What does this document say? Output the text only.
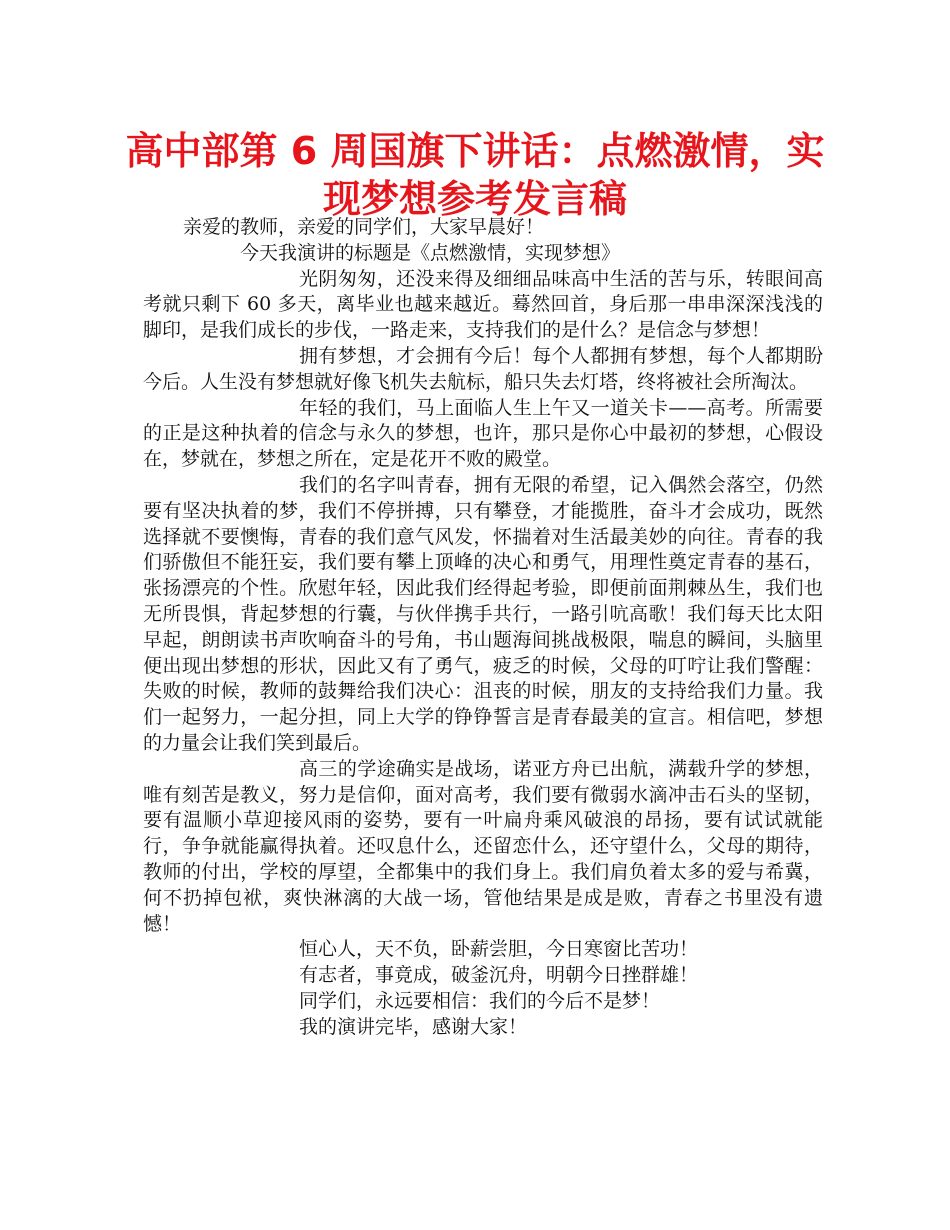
高中部第 6 周国旗下讲话：点燃激情，实
现梦想参考发言稿

亲爱的教师，亲爱的同学们，大家早晨好！

今天我演讲的标题是《点燃激情，实现梦想》

光阴匆匆，还没来得及细细品味高中生活的苦与乐，转眼间高考就只剩下 60 多天，离毕业也越来越近。蓦然回首，身后那一串串深深浅浅的脚印，是我们成长的步伐，一路走来，支持我们的是什么？是信念与梦想！

拥有梦想，才会拥有今后！每个人都拥有梦想，每个人都期盼今后。人生没有梦想就好像飞机失去航标，船只失去灯塔，终将被社会所淘汰。

年轻的我们，马上面临人生上午又一道关卡——高考。所需要的正是这种执着的信念与永久的梦想，也许，那只是你心中最初的梦想，心假设在，梦就在，梦想之所在，定是花开不败的殿堂。

我们的名字叫青春，拥有无限的希望，记入偶然会落空，仍然要有坚决执着的梦，我们不停拼搏，只有攀登，才能揽胜，奋斗才会成功，既然选择就不要懊悔，青春的我们意气风发，怀揣着对生活最美妙的向往。青春的我们骄傲但不能狂妄，我们要有攀上顶峰的决心和勇气，用理性奠定青春的基石，张扬漂亮的个性。欣慰年轻，因此我们经得起考验，即便前面荆棘丛生，我们也无所畏惧，背起梦想的行囊，与伙伴携手共行，一路引吭高歌！我们每天比太阳早起，朗朗读书声吹响奋斗的号角，书山题海间挑战极限，喘息的瞬间，头脑里便出现出梦想的形状，因此又有了勇气，疲乏的时候，父母的叮咛让我们警醒：失败的时候，教师的鼓舞给我们决心：沮丧的时候，朋友的支持给我们力量。我们一起努力，一起分担，同上大学的铮铮誓言是青春最美的宣言。相信吧，梦想的力量会让我们笑到最后。

高三的学途确实是战场，诺亚方舟已出航，满载升学的梦想，唯有刻苦是教义，努力是信仰，面对高考，我们要有微弱水滴冲击石头的坚韧，要有温顺小草迎接风雨的姿势，要有一叶扁舟乘风破浪的昂扬，要有试试就能行，争争就能赢得执着。还叹息什么，还留恋什么，还守望什么，父母的期待，教师的付出，学校的厚望，全都集中的我们身上。我们肩负着太多的爱与希冀，何不扔掉包袱，爽快淋漓的大战一场，管他结果是成是败，青春之书里没有遗憾！

恒心人，天不负，卧薪尝胆，今日寒窗比苦功！

有志者，事竟成，破釜沉舟，明朝今日挫群雄！

同学们，永远要相信：我们的今后不是梦！

我的演讲完毕，感谢大家！
